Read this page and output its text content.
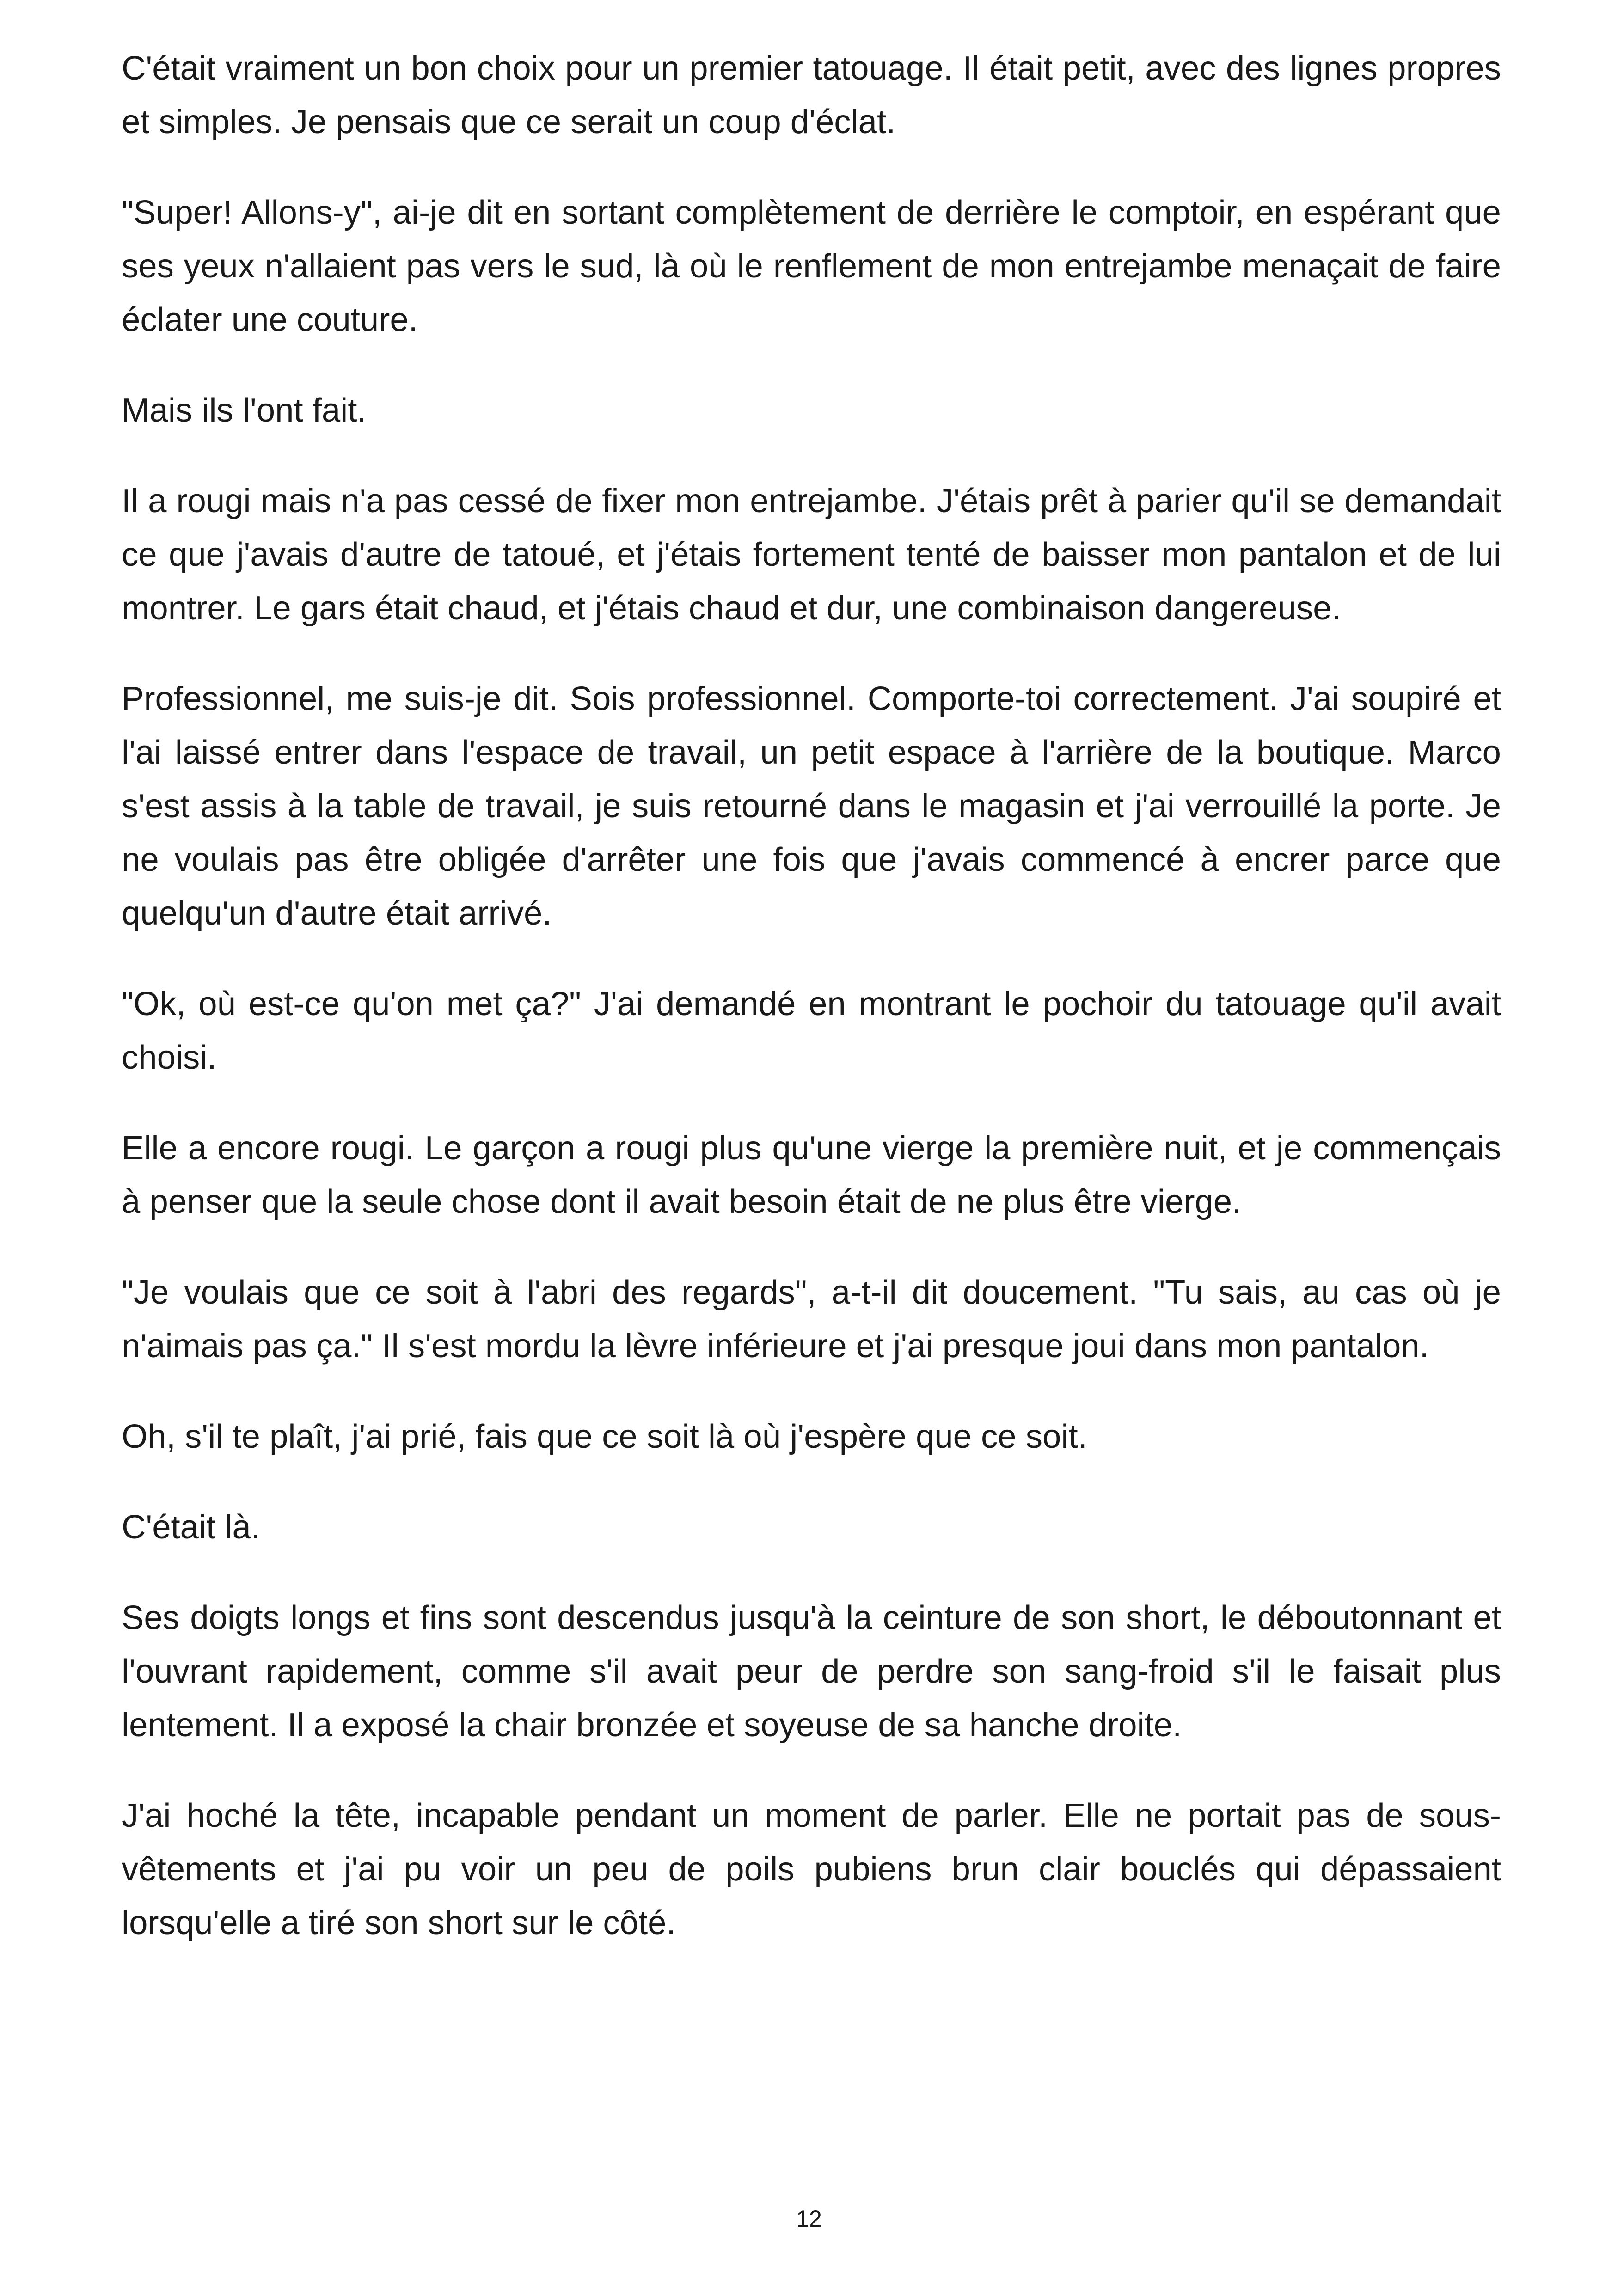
C'était vraiment un bon choix pour un premier tatouage. Il était petit, avec des lignes propres et simples. Je pensais que ce serait un coup d'éclat.

"Super! Allons-y", ai-je dit en sortant complètement de derrière le comptoir, en espérant que ses yeux n'allaient pas vers le sud, là où le renflement de mon entrejambe menaçait de faire éclater une couture.

Mais ils l'ont fait.

Il a rougi mais n'a pas cessé de fixer mon entrejambe. J'étais prêt à parier qu'il se demandait ce que j'avais d'autre de tatoué, et j'étais fortement tenté de baisser mon pantalon et de lui montrer. Le gars était chaud, et j'étais chaud et dur, une combinaison dangereuse.

Professionnel, me suis-je dit. Sois professionnel. Comporte-toi correctement. J'ai soupiré et l'ai laissé entrer dans l'espace de travail, un petit espace à l'arrière de la boutique. Marco s'est assis à la table de travail, je suis retourné dans le magasin et j'ai verrouillé la porte. Je ne voulais pas être obligée d'arrêter une fois que j'avais commencé à encrer parce que quelqu'un d'autre était arrivé.

"Ok, où est-ce qu'on met ça?" J'ai demandé en montrant le pochoir du tatouage qu'il avait choisi.

Elle a encore rougi. Le garçon a rougi plus qu'une vierge la première nuit, et je commençais à penser que la seule chose dont il avait besoin était de ne plus être vierge.

"Je voulais que ce soit à l'abri des regards", a-t-il dit doucement. "Tu sais, au cas où je n'aimais pas ça." Il s'est mordu la lèvre inférieure et j'ai presque joui dans mon pantalon.

Oh, s'il te plaît, j'ai prié, fais que ce soit là où j'espère que ce soit.

C'était là.

Ses doigts longs et fins sont descendus jusqu'à la ceinture de son short, le déboutonnant et l'ouvrant rapidement, comme s'il avait peur de perdre son sang-froid s'il le faisait plus lentement. Il a exposé la chair bronzée et soyeuse de sa hanche droite.

J'ai hoché la tête, incapable pendant un moment de parler. Elle ne portait pas de sous-vêtements et j'ai pu voir un peu de poils pubiens brun clair bouclés qui dépassaient lorsqu'elle a tiré son short sur le côté.

12
